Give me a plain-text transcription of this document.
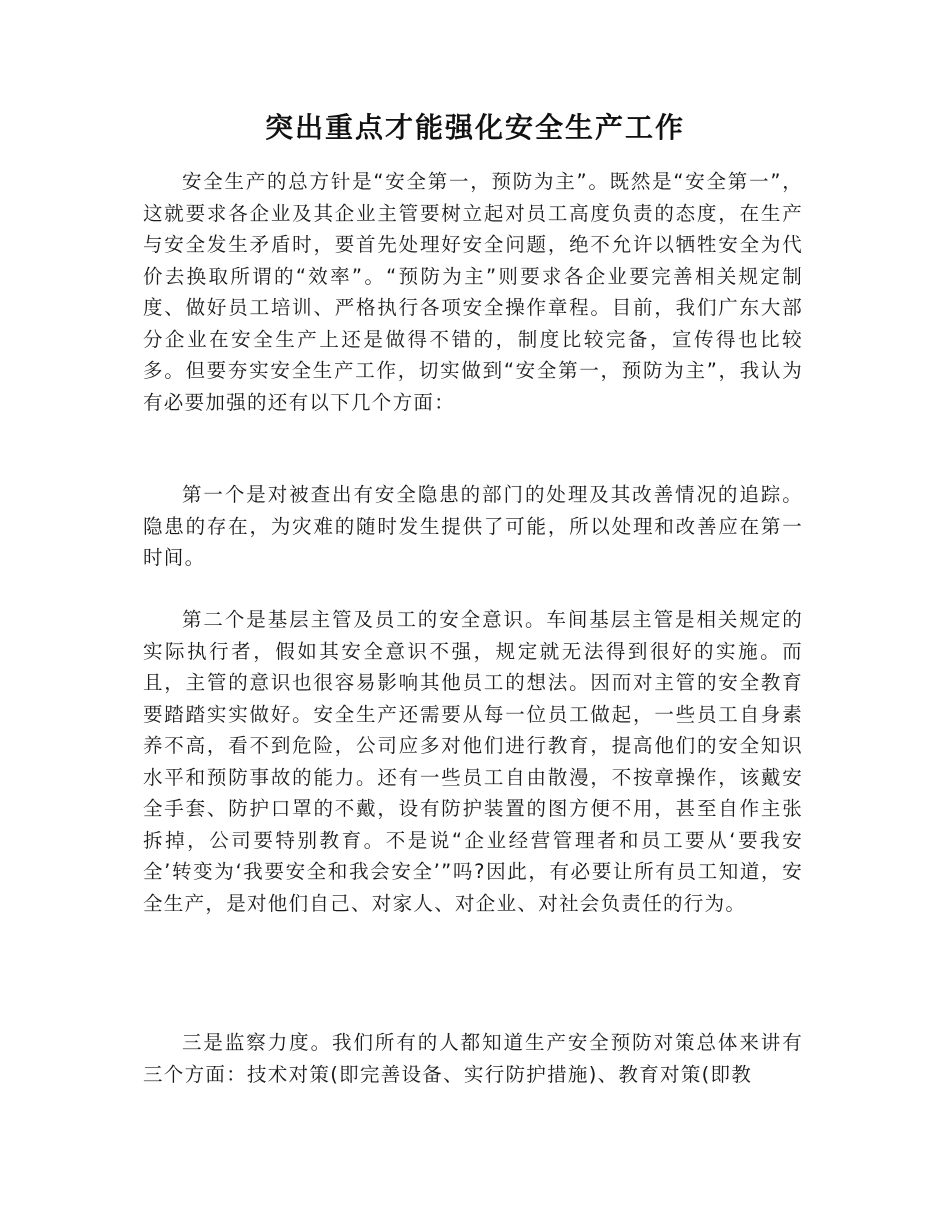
突出重点才能强化安全生产工作

安全生产的总方针是“安全第一，预防为主”。既然是“安全第一”，这就要求各企业及其企业主管要树立起对员工高度负责的态度，在生产与安全发生矛盾时，要首先处理好安全问题，绝不允许以牺牲安全为代价去换取所谓的“效率”。“预防为主”则要求各企业要完善相关规定制度、做好员工培训、严格执行各项安全操作章程。目前，我们广东大部分企业在安全生产上还是做得不错的，制度比较完备，宣传得也比较多。但要夯实安全生产工作，切实做到“安全第一，预防为主”，我认为有必要加强的还有以下几个方面：

第一个是对被查出有安全隐患的部门的处理及其改善情况的追踪。隐患的存在，为灾难的随时发生提供了可能，所以处理和改善应在第一时间。

第二个是基层主管及员工的安全意识。车间基层主管是相关规定的实际执行者，假如其安全意识不强，规定就无法得到很好的实施。而且，主管的意识也很容易影响其他员工的想法。因而对主管的安全教育要踏踏实实做好。安全生产还需要从每一位员工做起，一些员工自身素养不高，看不到危险，公司应多对他们进行教育，提高他们的安全知识水平和预防事故的能力。还有一些员工自由散漫，不按章操作，该戴安全手套、防护口罩的不戴，设有防护装置的图方便不用，甚至自作主张拆掉，公司要特别教育。不是说“企业经营管理者和员工要从‘要我安全’转变为‘我要安全和我会安全’”吗?因此，有必要让所有员工知道，安全生产，是对他们自己、对家人、对企业、对社会负责任的行为。

三是监察力度。我们所有的人都知道生产安全预防对策总体来讲有三个方面：技术对策(即完善设备、实行防护措施)、教育对策(即教
